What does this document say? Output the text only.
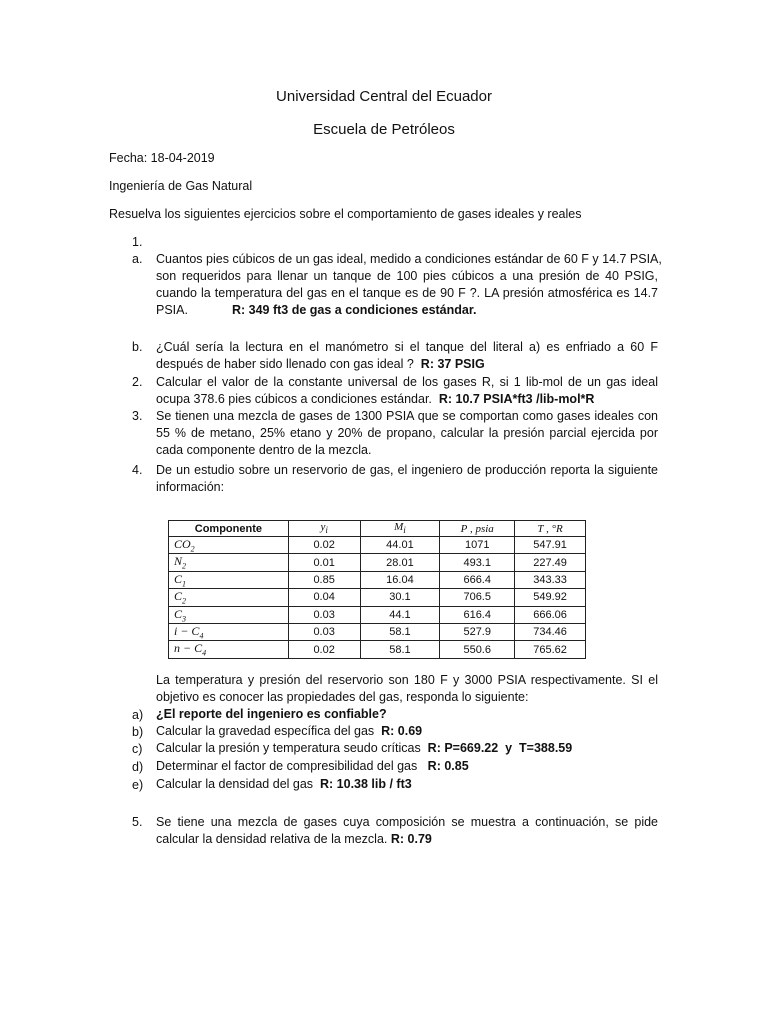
Universidad Central del Ecuador
Escuela de Petróleos
Fecha: 18-04-2019
Ingeniería de Gas Natural
Resuelva los siguientes ejercicios sobre el comportamiento de gases ideales y reales
1.
a. Cuantos pies cúbicos de un gas ideal, medido a condiciones estándar de 60 F y 14.7 PSIA,
son requeridos para llenar un tanque de 100 pies cúbicos a una presión de 40 PSIG,
cuando la temperatura del gas en el tanque es de 90 F ?. LA presión atmosférica es 14.7
PSIA.	R: 349 ft3 de gas a condiciones estándar.
b. ¿Cuál sería la lectura en el manómetro si el tanque del literal a) es enfriado a 60 F
después de haber sido llenado con gas ideal ? R: 37 PSIG
2. Calcular el valor de la constante universal de los gases R, si 1 lib-mol de un gas ideal
ocupa 378.6 pies cúbicos a condiciones estándar. R: 10.7 PSIA*ft3 /lib-mol*R
3. Se tienen una mezcla de gases de 1300 PSIA que se comportan como gases ideales con
55 % de metano, 25% etano y 20% de propano, calcular la presión parcial ejercida por
cada componente dentro de la mezcla.
4. De un estudio sobre un reservorio de gas, el ingeniero de producción reporta la siguiente
información:
Componente	$y_i$	$M_i$	P , psia	T , °R
$CO_2$	0.02	44.01	1071	547.91
$N_2$	0.01	28.01	493.1	227.49
$C_1$	0.85	16.04	666.4	343.33
$C_2$	0.04	30.1	706.5	549.92
$C_3$	0.03	44.1	616.4	666.06
$i - C_4$	0.03	58.1	527.9	734.46
$n - C_4$	0.02	58.1	550.6	765.62
La temperatura y presión del reservorio son 180 F y 3000 PSIA respectivamente. SI el
objetivo es conocer las propiedades del gas, responda lo siguiente:
a) ¿El reporte del ingeniero es confiable?
b) Calcular la gravedad específica del gas R: 0.69
c) Calcular la presión y temperatura seudo críticas R: P=669.22  y  T=388.59
d) Determinar el factor de compresibilidad del gas R: 0.85
e) Calcular la densidad del gas R: 10.38 lib / ft3
5. Se tiene una mezcla de gases cuya composición se muestra a continuación, se pide
calcular la densidad relativa de la mezcla. R: 0.79
